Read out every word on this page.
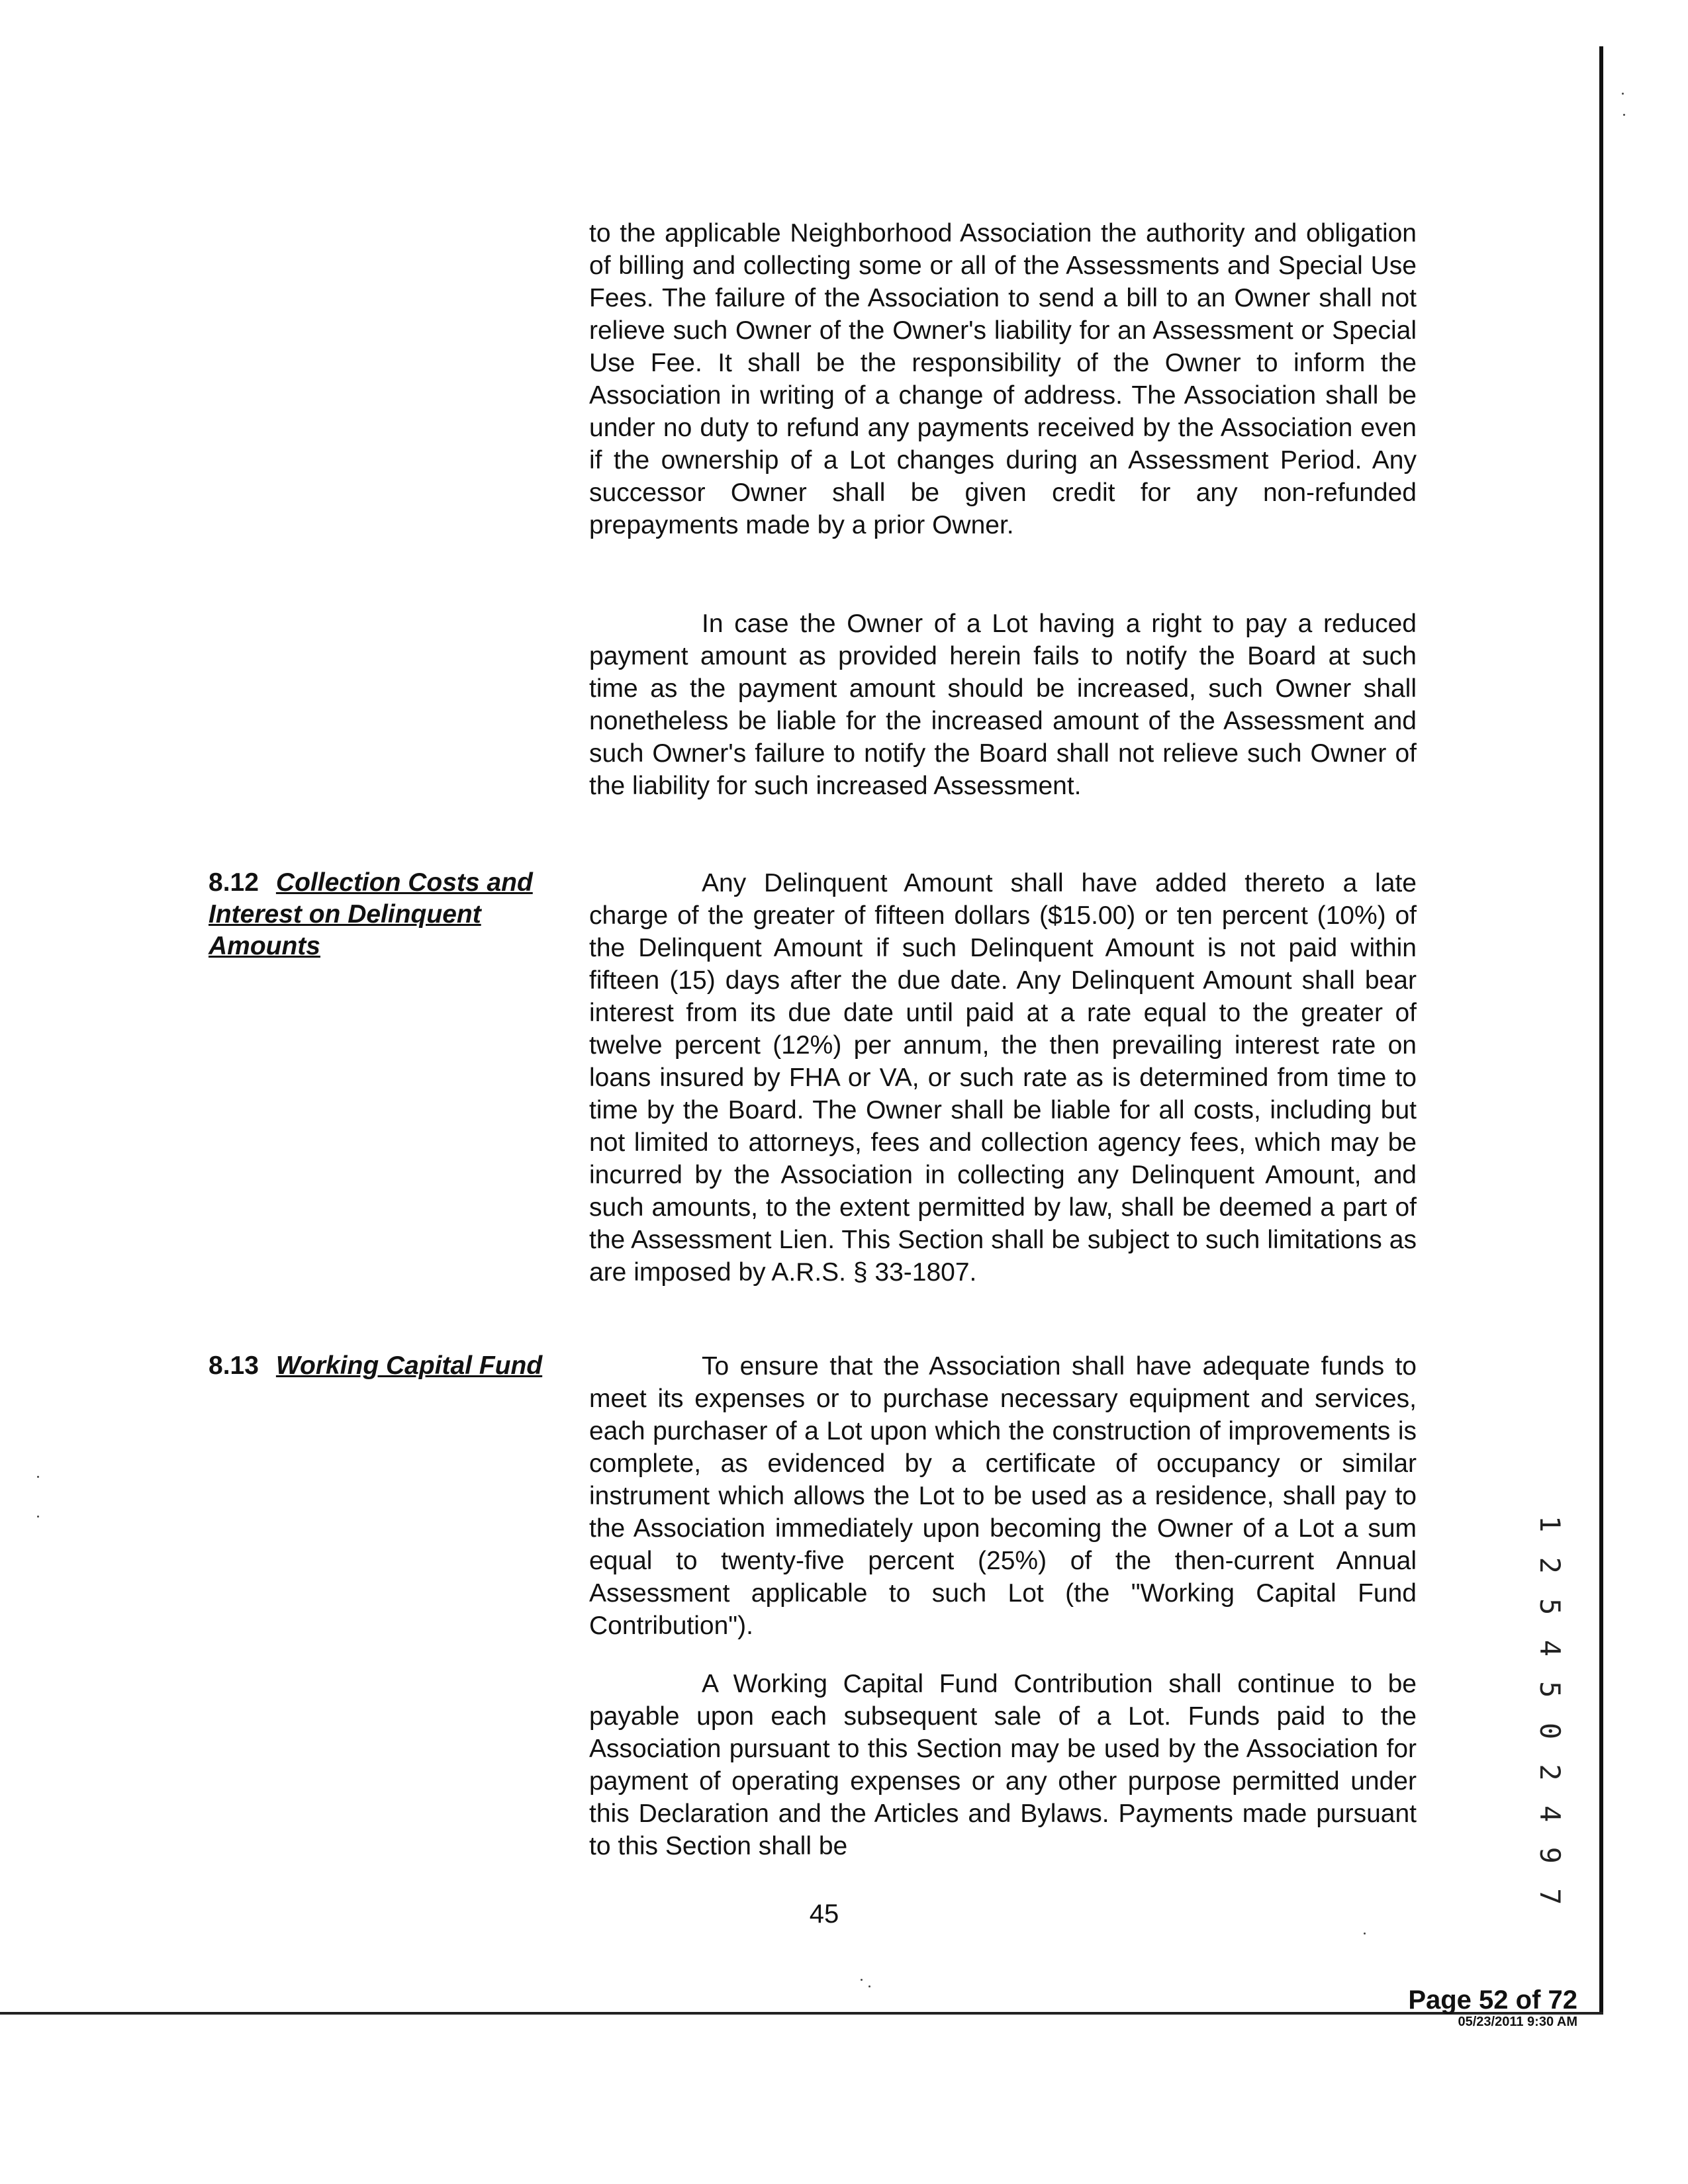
to the applicable Neighborhood Association the authority and obligation of billing and collecting some or all of the Assessments and Special Use Fees. The failure of the Association to send a bill to an Owner shall not relieve such Owner of the Owner's liability for an Assessment or Special Use Fee. It shall be the responsibility of the Owner to inform the Association in writing of a change of address. The Association shall be under no duty to refund any payments received by the Association even if the ownership of a Lot changes during an Assessment Period. Any successor Owner shall be given credit for any non-refunded prepayments made by a prior Owner.

In case the Owner of a Lot having a right to pay a reduced payment amount as provided herein fails to notify the Board at such time as the payment amount should be increased, such Owner shall nonetheless be liable for the increased amount of the Assessment and such Owner's failure to notify the Board shall not relieve such Owner of the liability for such increased Assessment.

8.12 Collection Costs and Interest on Delinquent Amounts

Any Delinquent Amount shall have added thereto a late charge of the greater of fifteen dollars ($15.00) or ten percent (10%) of the Delinquent Amount if such Delinquent Amount is not paid within fifteen (15) days after the due date. Any Delinquent Amount shall bear interest from its due date until paid at a rate equal to the greater of twelve percent (12%) per annum, the then prevailing interest rate on loans insured by FHA or VA, or such rate as is determined from time to time by the Board. The Owner shall be liable for all costs, including but not limited to attorneys, fees and collection agency fees, which may be incurred by the Association in collecting any Delinquent Amount, and such amounts, to the extent permitted by law, shall be deemed a part of the Assessment Lien. This Section shall be subject to such limitations as are imposed by A.R.S. § 33-1807.

8.13 Working Capital Fund	To ensure that the Association shall have adequate funds to meet its expenses or to purchase necessary equipment and services, each purchaser of a Lot upon which the construction of improvements is complete, as evidenced by a certificate of occupancy or similar instrument which allows the Lot to be used as a residence, shall pay to the Association immediately upon becoming the Owner of a Lot a sum equal to twenty-five percent (25%) of the then-current Annual Assessment applicable to such Lot (the "Working Capital Fund Contribution").

A Working Capital Fund Contribution shall continue to be payable upon each subsequent sale of a Lot. Funds paid to the Association pursuant to this Section may be used by the Association for payment of operating expenses or any other purpose permitted under this Declaration and the Articles and Bylaws. Payments made pursuant to this Section shall be

45
Page 52 of 72
05/23/2011 9:30 AM
1 2 5 4 5 0 2 4 9 7
